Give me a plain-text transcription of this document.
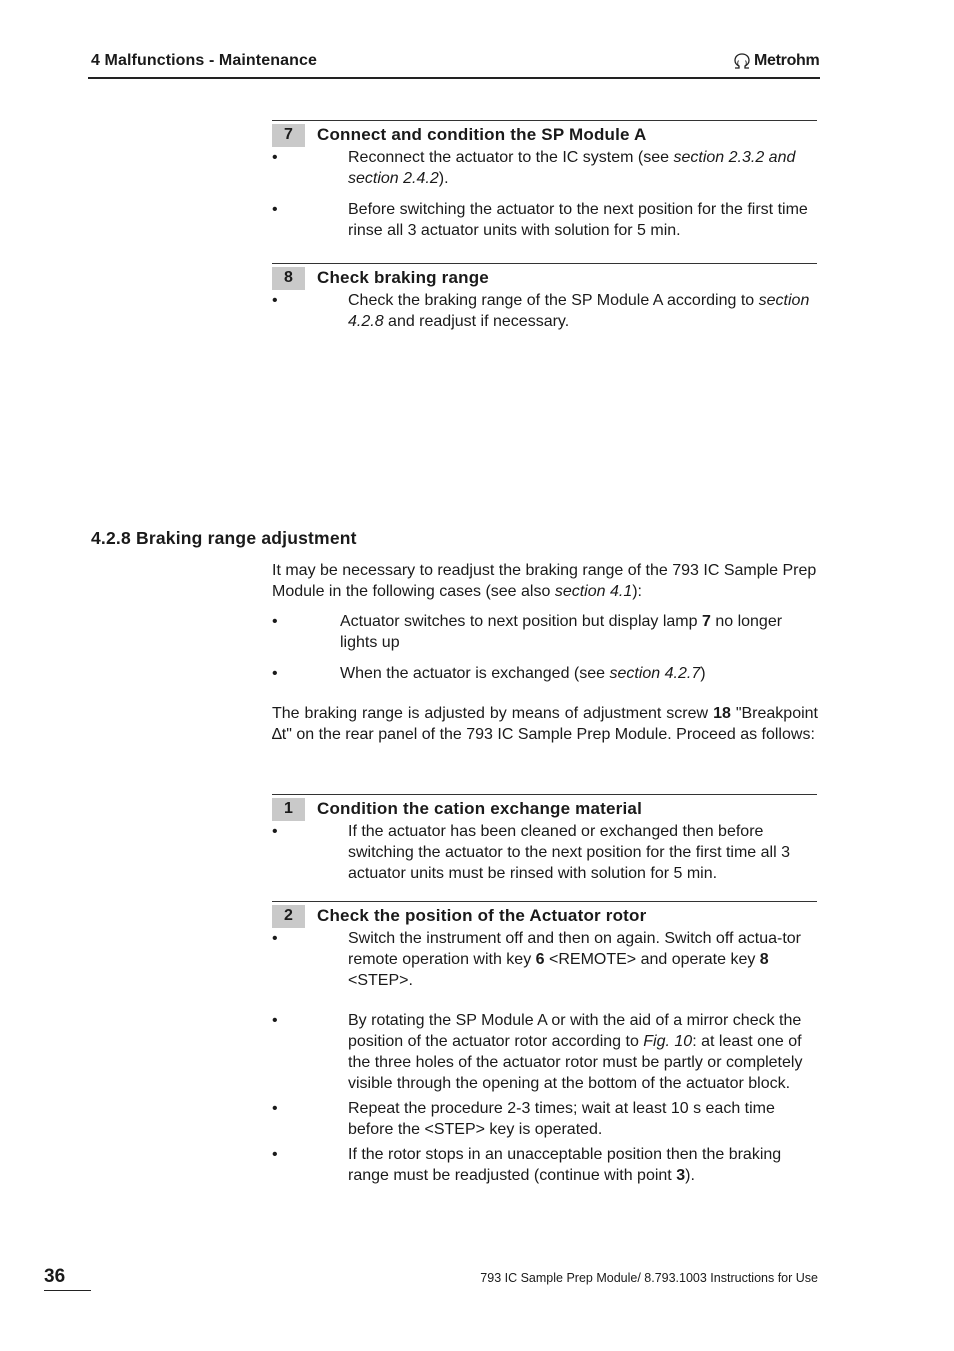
4 Malfunctions - Maintenance	Metrohm
7	Connect and condition the SP Module A
•	Reconnect the actuator to the IC system (see section 2.3.2 and section 2.4.2).
•	Before switching the actuator to the next position for the first time rinse all 3 actuator units with solution for 5 min.
8	Check braking range
•	Check the braking range of the SP Module A according to section 4.2.8 and readjust if necessary.
4.2.8 Braking range adjustment
It may be necessary to readjust the braking range of the 793 IC Sample Prep Module in the following cases (see also section 4.1):
•	Actuator switches to next position but display lamp 7 no longer lights up
•	When the actuator is exchanged (see section 4.2.7)
The braking range is adjusted by means of adjustment screw 18 "Breakpoint ∆t" on the rear panel of the 793 IC Sample Prep Module. Proceed as follows:
1	Condition the cation exchange material
•	If the actuator has been cleaned or exchanged then before switching the actuator to the next position for the first time all 3 actuator units must be rinsed with solution for 5 min.
2	Check the position of the Actuator rotor
•	Switch the instrument off and then on again. Switch off actua-tor remote operation with key 6 <REMOTE> and operate key 8 <STEP>.
•	By rotating the SP Module A or with the aid of a mirror check the position of the actuator rotor according to Fig. 10: at least one of the three holes of the actuator rotor must be partly or completely visible through the opening at the bottom of the actuator block.
•	Repeat the procedure 2-3 times; wait at least 10 s each time before the <STEP> key is operated.
•	If the rotor stops in an unacceptable position then the braking range must be readjusted (continue with point 3).
36	793 IC Sample Prep Module/ 8.793.1003 Instructions for Use
